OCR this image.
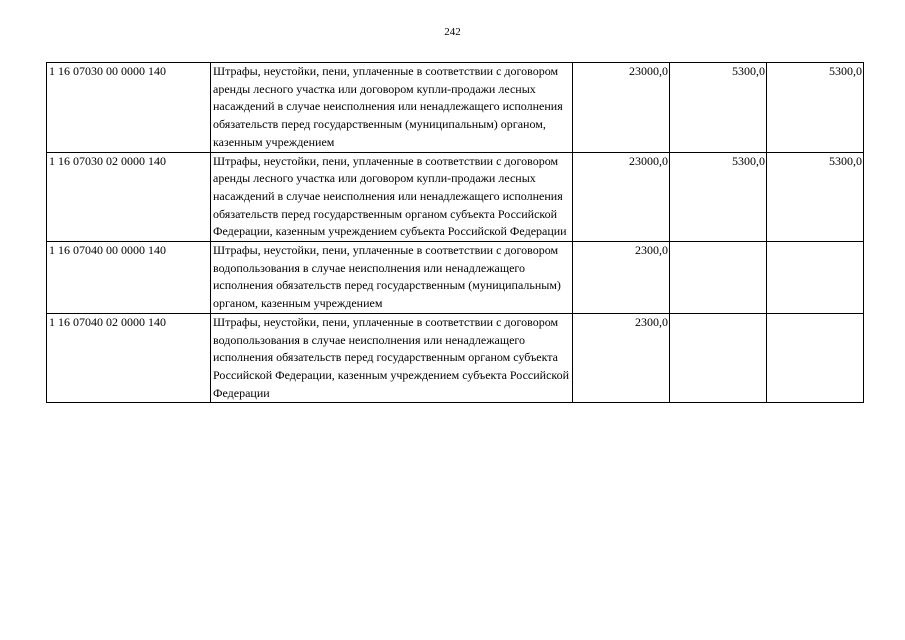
242
1 16 07030 00 0000 140	Штрафы, неустойки, пени, уплаченные в соответствии с договором аренды лесного участка или договором купли-продажи лесных насаждений в случае неисполнения или ненадлежащего исполнения обязательств перед государственным (муниципальным) органом, казенным учреждением	23000,0	5300,0	5300,0
1 16 07030 02 0000 140	Штрафы, неустойки, пени, уплаченные в соответствии с договором аренды лесного участка или договором купли-продажи лесных насаждений в случае неисполнения или ненадлежащего исполнения обязательств перед государственным органом субъекта Российской Федерации, казенным учреждением субъекта Российской Федерации	23000,0	5300,0	5300,0
1 16 07040 00 0000 140	Штрафы, неустойки, пени, уплаченные в соответствии с договором водопользования в случае неисполнения или ненадлежащего исполнения обязательств перед государственным (муниципальным) органом, казенным учреждением	2300,0		
1 16 07040 02 0000 140	Штрафы, неустойки, пени, уплаченные в соответствии с договором водопользования в случае неисполнения или ненадлежащего исполнения обязательств перед государственным органом субъекта Российской Федерации, казенным учреждением субъекта Российской Федерации	2300,0		
